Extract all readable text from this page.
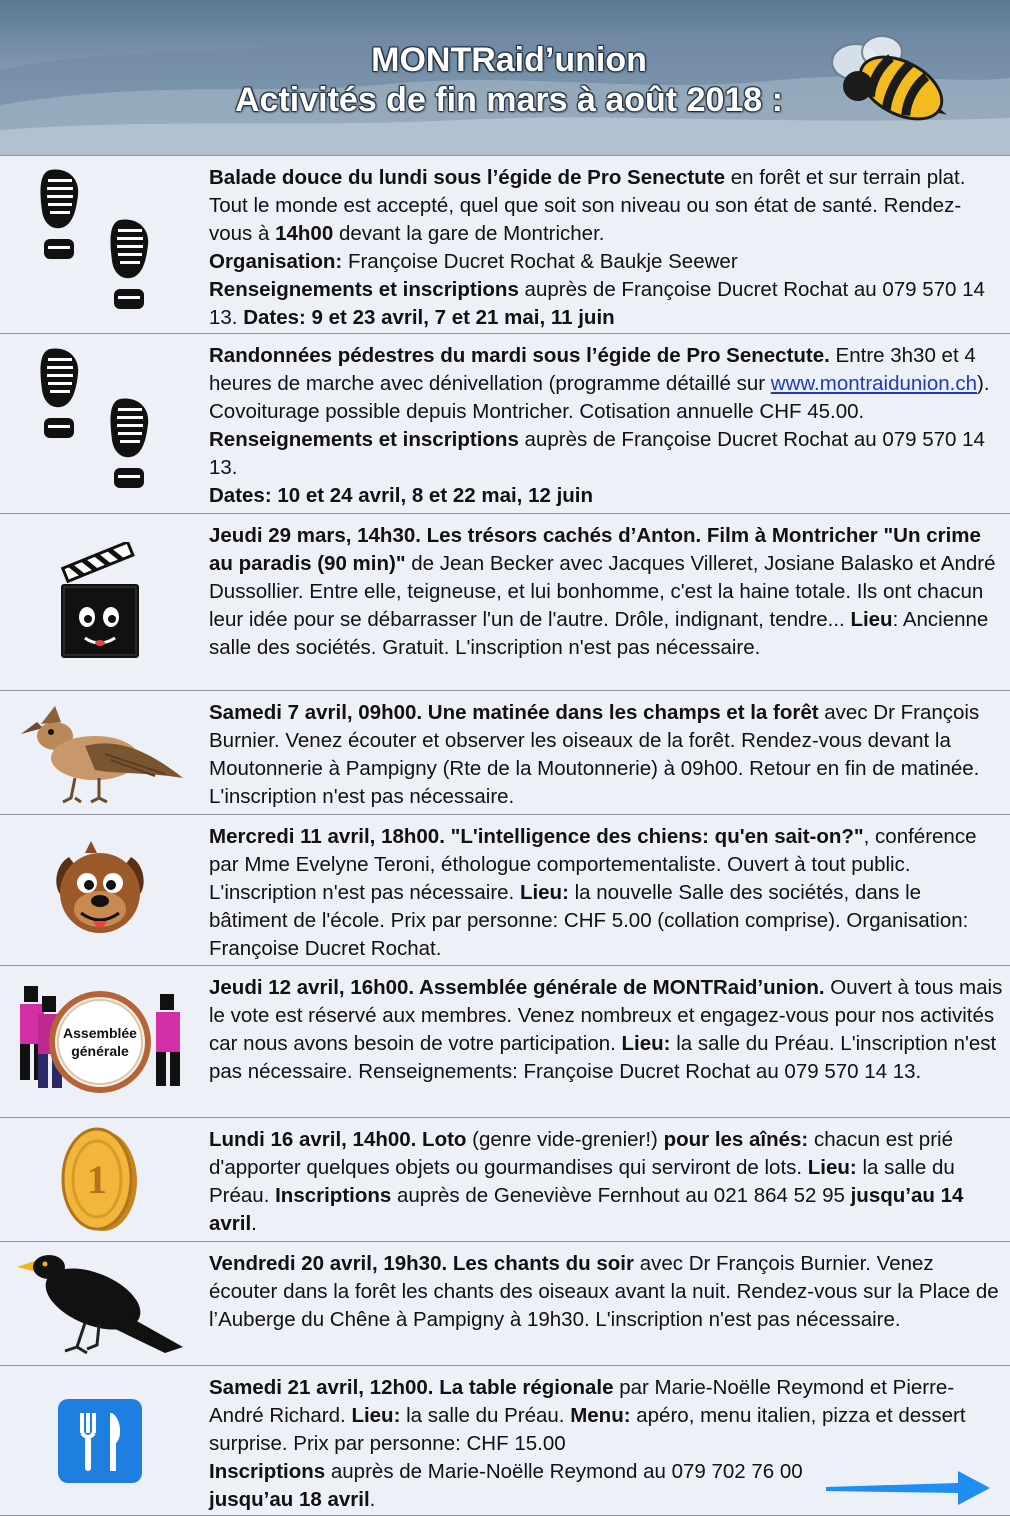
MONTRaid’union
Activités de fin mars à août 2018 :
Balade douce du lundi sous l’égide de Pro Senectute en forêt et sur terrain plat. Tout le monde est accepté, quel que soit son niveau ou son état de santé. Rendez-vous à 14h00 devant la gare de Montricher.
Organisation: Françoise Ducret Rochat & Baukje Seewer
Renseignements et inscriptions auprès de Françoise Ducret Rochat au 079 570 14 13. Dates: 9 et 23 avril, 7 et 21 mai, 11 juin
Randonnées pédestres du mardi sous l’égide de Pro Senectute. Entre 3h30 et 4 heures de marche avec dénivellation (programme détaillé sur www.montraidunion.ch). Covoiturage possible depuis Montricher. Cotisation annuelle CHF 45.00. Renseignements et inscriptions auprès de Françoise Ducret Rochat au 079 570 14 13.
Dates: 10 et 24 avril, 8 et 22 mai, 12 juin
Jeudi 29 mars, 14h30. Les trésors cachés d’Anton. Film à Montricher "Un crime au paradis (90 min)" de Jean Becker avec Jacques Villeret, Josiane Balasko et André Dussollier. Entre elle, teigneuse, et lui bonhomme, c'est la haine totale. Ils ont chacun leur idée pour se débarrasser l'un de l'autre. Drôle, indignant, tendre... Lieu: Ancienne salle des sociétés. Gratuit. L'inscription n'est pas nécessaire.
Samedi 7 avril, 09h00. Une matinée dans les champs et la forêt avec Dr François Burnier. Venez écouter et observer les oiseaux de la forêt. Rendez-vous devant la Moutonnerie à Pampigny (Rte de la Moutonnerie) à 09h00. Retour en fin de matinée. L'inscription n'est pas nécessaire.
Mercredi 11 avril, 18h00. "L'intelligence des chiens: qu'en sait-on?", conférence par Mme Evelyne Teroni, éthologue comportementaliste. Ouvert à tout public. L'inscription n'est pas nécessaire. Lieu: la nouvelle Salle des sociétés, dans le bâtiment de l'école. Prix par personne: CHF 5.00 (collation comprise). Organisation: Françoise Ducret Rochat.
Assemblée
générale
Jeudi 12 avril, 16h00. Assemblée générale de MONTRaid’union. Ouvert à tous mais le vote est réservé aux membres. Venez nombreux et engagez-vous pour nos activités car nous avons besoin de votre participation. Lieu: la salle du Préau. L'inscription n'est pas nécessaire. Renseignements: Françoise Ducret Rochat au 079 570 14 13.
1
Lundi 16 avril, 14h00. Loto (genre vide-grenier!) pour les aînés: chacun est prié d'apporter quelques objets ou gourmandises qui serviront de lots. Lieu: la salle du Préau. Inscriptions auprès de Geneviève Fernhout au 021 864 52 95 jusqu’au 14 avril.
Vendredi 20 avril, 19h30. Les chants du soir avec Dr François Burnier. Venez écouter dans la forêt les chants des oiseaux avant la nuit. Rendez-vous sur la Place de l’Auberge du Chêne à Pampigny à 19h30. L'inscription n'est pas nécessaire.
Samedi 21 avril, 12h00. La table régionale par Marie-Noëlle Reymond et Pierre-André Richard. Lieu: la salle du Préau. Menu: apéro, menu italien, pizza et dessert surprise. Prix par personne: CHF 15.00
Inscriptions auprès de Marie-Noëlle Reymond au 079 702 76 00
jusqu’au 18 avril.
